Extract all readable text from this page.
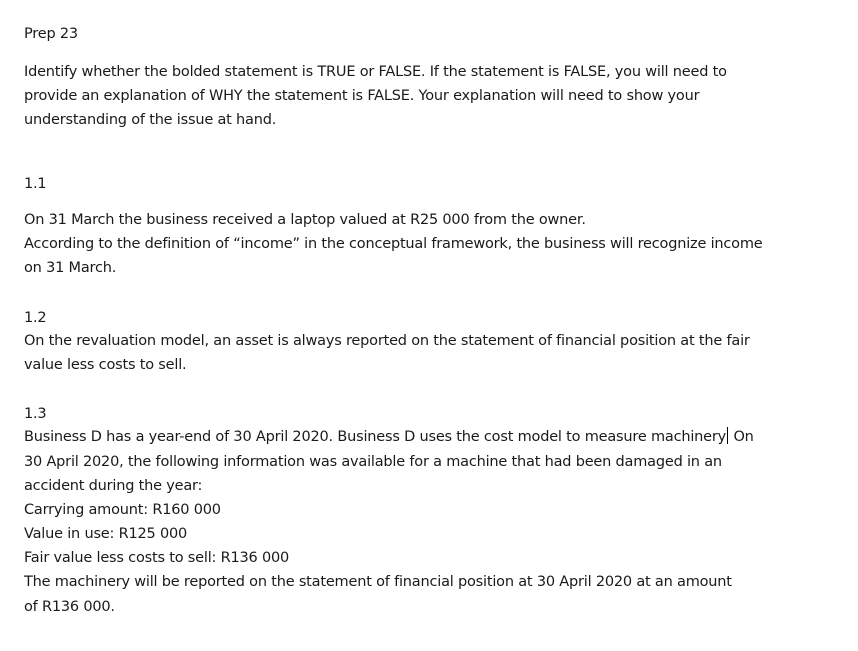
Prep 23
Identify whether the bolded statement is TRUE or FALSE. If the statement is FALSE, you will need to
provide an explanation of WHY the statement is FALSE. Your explanation will need to show your
understanding of the issue at hand.
1.1
On 31 March the business received a laptop valued at R25 000 from the owner.
According to the definition of “income” in the conceptual framework, the business will recognize income
on 31 March.
1.2
On the revaluation model, an asset is always reported on the statement of financial position at the fair
value less costs to sell.
1.3
Business D has a year-end of 30 April 2020. Business D uses the cost model to measure machinery On
30 April 2020, the following information was available for a machine that had been damaged in an
accident during the year:
Carrying amount: R160 000
Value in use: R125 000
Fair value less costs to sell: R136 000
The machinery will be reported on the statement of financial position at 30 April 2020 at an amount
of R136 000.
